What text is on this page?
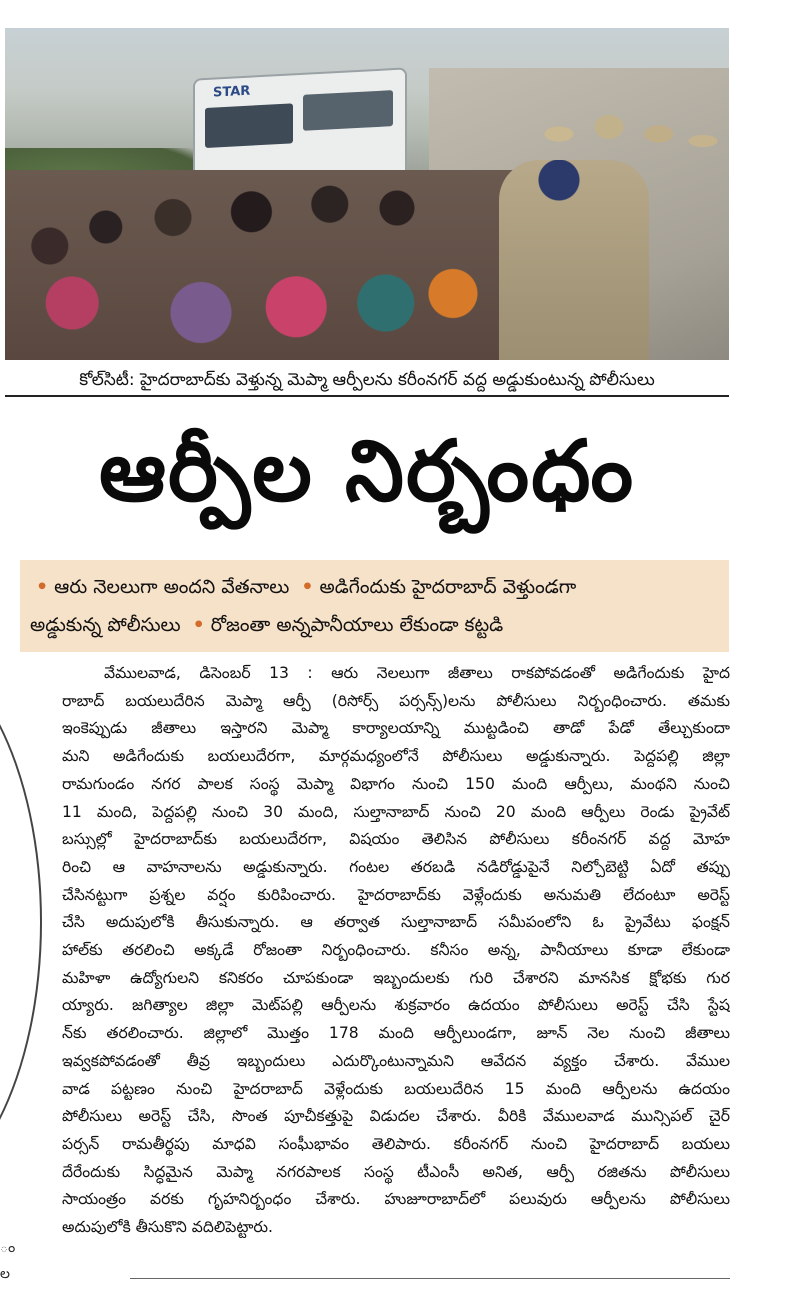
STAR
కోల్‌సిటీ: హైదరాబాద్‌కు వెళ్తున్న మెప్మా ఆర్పీలను కరీంనగర్ వద్ద అడ్డుకుంటున్న పోలీసులు
ఆర్పీల నిర్బంధం
• ఆరు నెలలుగా అందని వేతనాలు • అడిగేందుకు హైదరాబాద్ వెళ్తుండగా
అడ్డుకున్న పోలీసులు • రోజంతా అన్నపానీయాలు లేకుండా కట్టడి
వేములవాడ, డిసెంబర్ 13 : ఆరు నెలలుగా జీతాలు రాకపోవడంతో అడిగేందుకు హైద
రాబాద్ బయలుదేరిన మెప్మా ఆర్పీ (రిసోర్స్ పర్సన్స్)లను పోలీసులు నిర్బంధించారు. తమకు
ఇంకెప్పుడు జీతాలు ఇస్తారని మెప్మా కార్యాలయాన్ని ముట్టడించి తాడో పేడో తేల్చుకుందా
మని అడిగేందుకు బయలుదేరగా, మార్గమధ్యంలోనే పోలీసులు అడ్డుకున్నారు. పెద్దపల్లి జిల్లా
రామగుండం నగర పాలక సంస్థ మెప్మా విభాగం నుంచి 150 మంది ఆర్పీలు, మంథని నుంచి
11 మంది, పెద్దపల్లి నుంచి 30 మంది, సుల్తానాబాద్ నుంచి 20 మంది ఆర్పీలు రెండు ప్రైవేట్
బస్సుల్లో హైదరాబాద్‌కు బయలుదేరగా, విషయం తెలిసిన పోలీసులు కరీంనగర్ వద్ద మోహ
రించి ఆ వాహనాలను అడ్డుకున్నారు. గంటల తరబడి నడిరోడ్డుపైనే నిల్చోబెట్టి ఏదో తప్పు
చేసినట్టుగా ప్రశ్నల వర్షం కురిపించారు. హైదరాబాద్‌కు వెళ్లేందుకు అనుమతి లేదంటూ అరెస్ట్
చేసి అదుపులోకి తీసుకున్నారు. ఆ తర్వాత సుల్తానాబాద్ సమీపంలోని ఓ ప్రైవేటు ఫంక్షన్
హాల్‌కు తరలించి అక్కడే రోజంతా నిర్బంధించారు. కనీసం అన్న, పానీయాలు కూడా లేకుండా
మహిళా ఉద్యోగులని కనికరం చూపకుండా ఇబ్బందులకు గురి చేశారని మానసిక క్షోభకు గుర
య్యారు. జగిత్యాల జిల్లా మెట్‌పల్లి ఆర్పీలను శుక్రవారం ఉదయం పోలీసులు అరెస్ట్ చేసి స్టేష
న్‌కు తరలించారు. జిల్లాలో మొత్తం 178 మంది ఆర్పీలుండగా, జూన్ నెల నుంచి జీతాలు
ఇవ్వకపోవడంతో తీవ్ర ఇబ్బందులు ఎదుర్కొంటున్నామని ఆవేదన వ్యక్తం చేశారు. వేముల
వాడ పట్టణం నుంచి హైదరాబాద్ వెళ్లేందుకు బయలుదేరిన 15 మంది ఆర్పీలను ఉదయం
పోలీసులు అరెస్ట్ చేసి, సొంత పూచీకత్తుపై విడుదల చేశారు. వీరికి వేములవాడ మున్సిపల్ చైర్
పర్సన్ రామతీర్థపు మాధవి సంఘీభావం తెలిపారు. కరీంనగర్ నుంచి హైదరాబాద్ బయలు
దేరేందుకు సిద్ధమైన మెప్మా నగరపాలక సంస్థ టీఎంసీ అనిత, ఆర్పీ రజితను పోలీసులు
సాయంత్రం వరకు గృహనిర్బంధం చేశారు. హుజూరాబాద్‌లో పలువురు ఆర్పీలను పోలీసులు
అదుపులోకి తీసుకొని వదిలిపెట్టారు.
ం
ల
